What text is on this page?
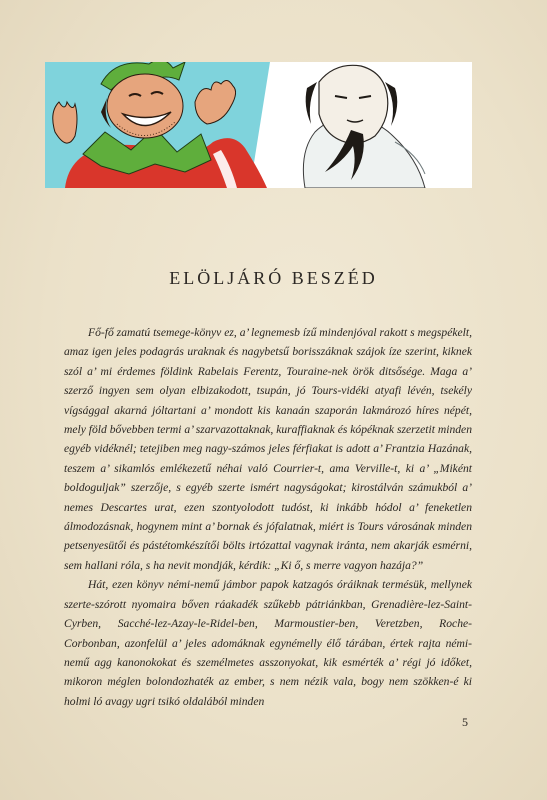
ELÖLJÁRÓ BESZÉD

Fő-fő zamatú tsemege-könyv ez, a’ legnemesb ízű mindenjóval rakott s megspékelt, amaz igen jeles podagrás uraknak és nagybetsű borisszáknak szájok íze szerint, kiknek szól a’ mi érdemes földink Rabelais Ferentz, Touraine-nek örök ditsősége. Maga a’ szerző ingyen sem olyan elbizakodott, tsupán, jó Tours-vidéki atyafi lévén, tsekély vígsággal akarná jóltartani a’ mondott kis kanaán szaporán lakmározó híres népét, mely föld bővebben termi a’ szarvazottaknak, kuraffiaknak és kópéknak szerzetit minden egyéb vidéknél; tetejiben meg nagy-számos jeles férfiakat is adott a’ Frantzia Hazának, teszem a’ sikamlós emlékezetű néhai való Courrier-t, ama Verville-t, ki a’ „Miként boldoguljak” szerzője, s egyéb szerte ismért nagyságokat; kirostálván számukból a’ nemes Descartes urat, ezen szontyolodott tudóst, ki inkább hódol a’ feneketlen álmodozásnak, hogynem mint a’ bornak és jófalatnak, miért is Tours városának minden petsenyesütői és pástétomkészítői bölts irtózattal vagynak iránta, nem akarják esmérni, sem hallani róla, s ha nevit mondják, kérdik: „Ki ő, s merre vagyon hazája?”

Hát, ezen könyv némi-nemű jámbor papok katzagós óráiknak termésük, mellynek szerte-szórott nyomaira bőven ráakadék szűkebb pátriánkban, Grenadière-lez-Saint-Cyrben, Sacché-lez-Azay-le-Ridel-ben, Marmoustier-ben, Veretzben, Roche-Corbonban, azonfelül a’ jeles adomáknak egynémelly élő tárában, értek rajta némi-nemű agg kanonokokat és személmetes asszonyokat, kik esmérték a’ régi jó időket, mikoron méglen bolondozhaték az ember, s nem nézik vala, bogy nem szökken-é ki holmi ló avagy ugri tsikó oldalából minden

5
